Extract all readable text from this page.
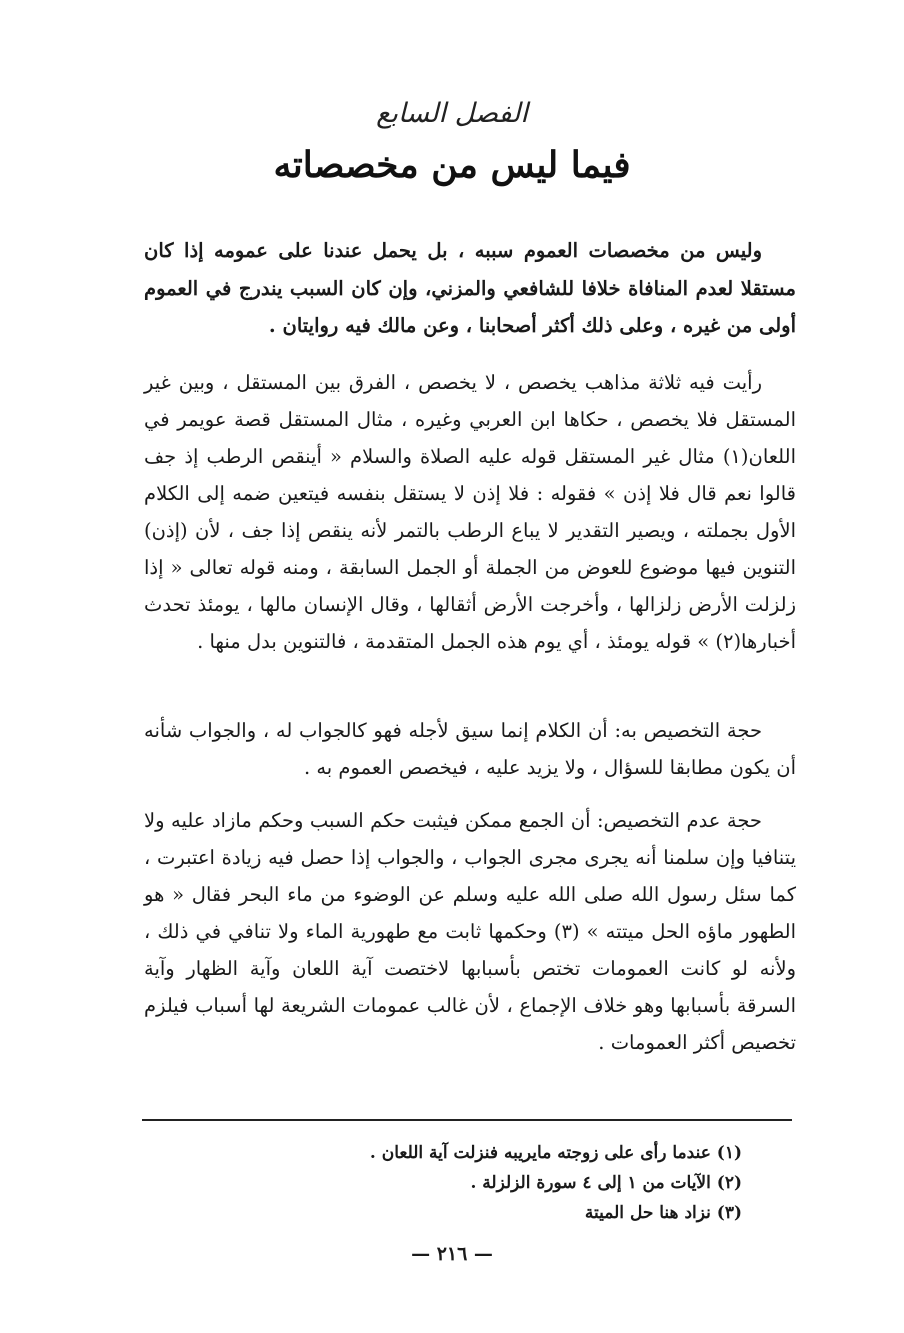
الفصل السابع
فيما ليس من مخصصاته

وليس من مخصصات العموم سببه ، بل يحمل عندنا على عمومه إذا كان مستقلا لعدم المنافاة خلافا للشافعي والمزني، وإن كان السبب يندرج في العموم أولى من غيره ، وعلى ذلك أكثر أصحابنا ، وعن مالك فيه روايتان .

رأيت فيه ثلاثة مذاهب يخصص ، لا يخصص ، الفرق بين المستقل ، وبين غير المستقل فلا يخصص ، حكاها ابن العربي وغيره ، مثال المستقل قصة عويمر في اللعان(١) مثال غير المستقل قوله عليه الصلاة والسلام « أينقص الرطب إذ جف قالوا نعم قال فلا إذن » فقوله : فلا إذن لا يستقل بنفسه فيتعين ضمه إلى الكلام الأول بجملته ، ويصير التقدير لا يباع الرطب بالتمر لأنه ينقص إذا جف ، لأن (إذن) التنوين فيها موضوع للعوض من الجملة أو الجمل السابقة ، ومنه قوله تعالى « إذا زلزلت الأرض زلزالها ، وأخرجت الأرض أثقالها ، وقال الإنسان مالها ، يومئذ تحدث أخبارها(٢) » قوله يومئذ ، أي يوم هذه الجمل المتقدمة ، فالتنوين بدل منها .

حجة التخصيص به: أن الكلام إنما سيق لأجله فهو كالجواب له ، والجواب شأنه أن يكون مطابقا للسؤال ، ولا يزيد عليه ، فيخصص العموم به .

حجة عدم التخصيص: أن الجمع ممكن فيثبت حكم السبب وحكم مازاد عليه ولا يتنافيا وإن سلمنا أنه يجرى مجرى الجواب ، والجواب إذا حصل فيه زيادة اعتبرت ، كما سئل رسول الله صلى الله عليه وسلم عن الوضوء من ماء البحر فقال « هو الطهور ماؤه الحل ميتته » (٣) وحكمها ثابت مع طهورية الماء ولا تنافي في ذلك ، ولأنه لو كانت العمومات تختص بأسبابها لاختصت آية اللعان وآية الظهار وآية السرقة بأسبابها وهو خلاف الإجماع ، لأن غالب عمومات الشريعة لها أسباب فيلزم تخصيص أكثر العمومات .

(١) عندما رأى على زوجته مايريبه فنزلت آية اللعان .
(٢) الآيات من ١ إلى ٤ سورة الزلزلة .
(٣) نزاد هنا حل الميتة
— ٢١٦ —
